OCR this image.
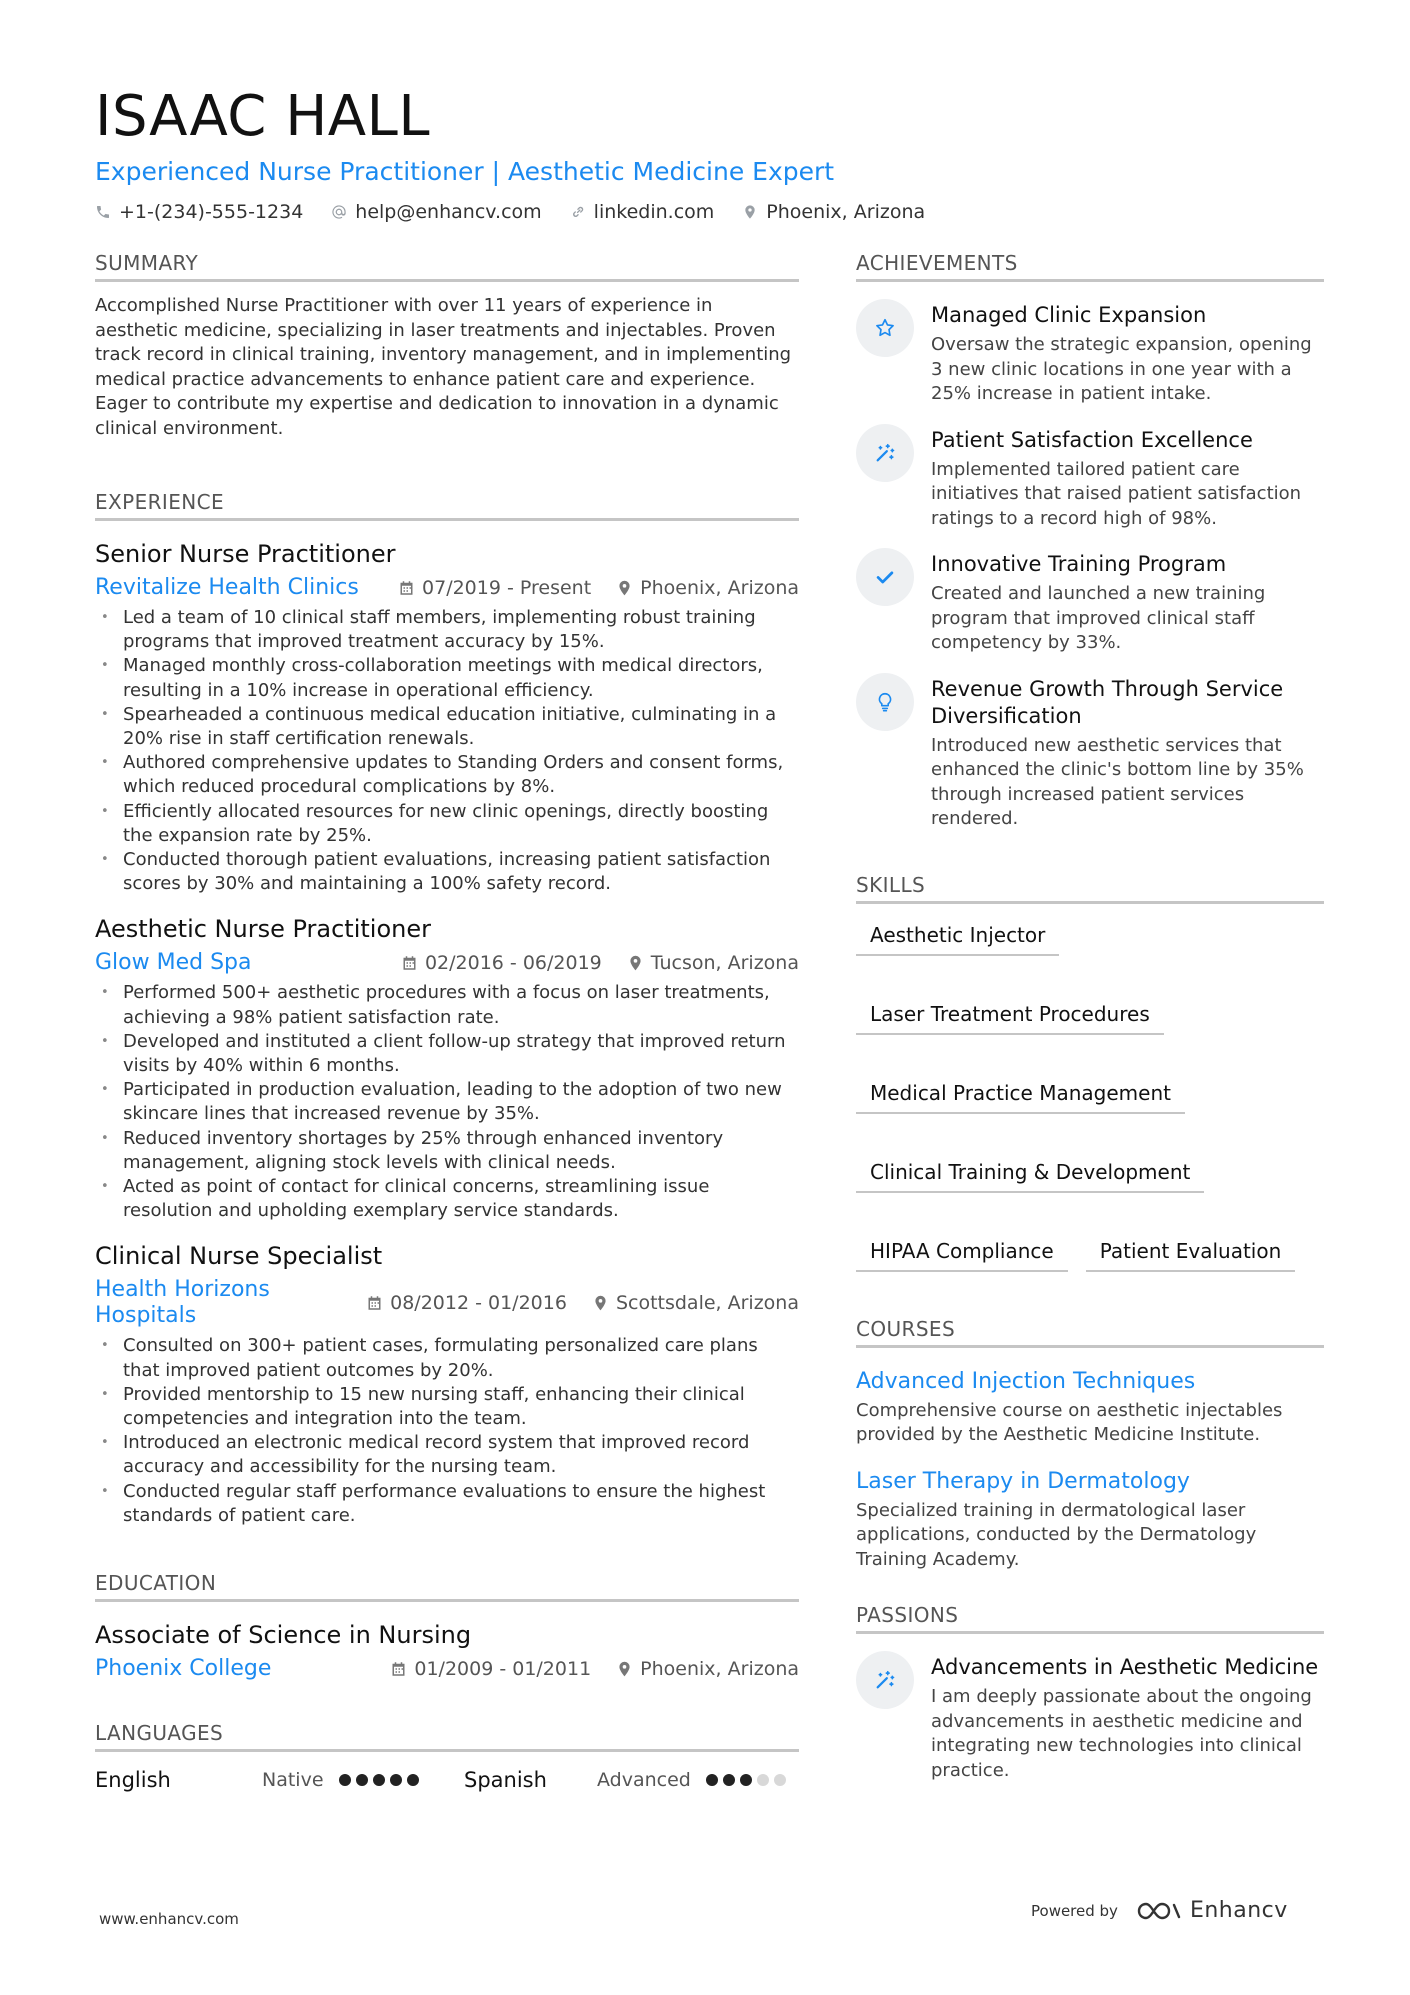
ISAAC HALL
Experienced Nurse Practitioner | Aesthetic Medicine Expert
+1-(234)-555-1234	help@enhancv.com	linkedin.com	Phoenix, Arizona
SUMMARY

Accomplished Nurse Practitioner with over 11 years of experience in aesthetic medicine, specializing in laser treatments and injectables. Proven track record in clinical training, inventory management, and in implementing medical practice advancements to enhance patient care and experience. Eager to contribute my expertise and dedication to innovation in a dynamic clinical environment.

EXPERIENCE
Senior Nurse Practitioner
Revitalize Health Clinics	07/2019 - Present	Phoenix, Arizona
• Led a team of 10 clinical staff members, implementing robust training programs that improved treatment accuracy by 15%.
• Managed monthly cross-collaboration meetings with medical directors, resulting in a 10% increase in operational efficiency.
• Spearheaded a continuous medical education initiative, culminating in a 20% rise in staff certification renewals.
• Authored comprehensive updates to Standing Orders and consent forms, which reduced procedural complications by 8%.
• Efficiently allocated resources for new clinic openings, directly boosting the expansion rate by 25%.
• Conducted thorough patient evaluations, increasing patient satisfaction scores by 30% and maintaining a 100% safety record.
Aesthetic Nurse Practitioner
Glow Med Spa	02/2016 - 06/2019	Tucson, Arizona
• Performed 500+ aesthetic procedures with a focus on laser treatments, achieving a 98% patient satisfaction rate.
• Developed and instituted a client follow-up strategy that improved return visits by 40% within 6 months.
• Participated in production evaluation, leading to the adoption of two new skincare lines that increased revenue by 35%.
• Reduced inventory shortages by 25% through enhanced inventory management, aligning stock levels with clinical needs.
• Acted as point of contact for clinical concerns, streamlining issue resolution and upholding exemplary service standards.
Clinical Nurse Specialist
Health Horizons Hospitals	08/2012 - 01/2016	Scottsdale, Arizona
• Consulted on 300+ patient cases, formulating personalized care plans that improved patient outcomes by 20%.
• Provided mentorship to 15 new nursing staff, enhancing their clinical competencies and integration into the team.
• Introduced an electronic medical record system that improved record accuracy and accessibility for the nursing team.
• Conducted regular staff performance evaluations to ensure the highest standards of patient care.
EDUCATION
Associate of Science in Nursing
Phoenix College	01/2009 - 01/2011	Phoenix, Arizona
LANGUAGES
English	Native	Spanish	Advanced
ACHIEVEMENTS
Managed Clinic Expansion
Oversaw the strategic expansion, opening 3 new clinic locations in one year with a 25% increase in patient intake.
Patient Satisfaction Excellence
Implemented tailored patient care initiatives that raised patient satisfaction ratings to a record high of 98%.
Innovative Training Program
Created and launched a new training program that improved clinical staff competency by 33%.
Revenue Growth Through Service Diversification
Introduced new aesthetic services that enhanced the clinic's bottom line by 35% through increased patient services rendered.
SKILLS
Aesthetic Injector
Laser Treatment Procedures
Medical Practice Management
Clinical Training & Development
HIPAA Compliance	Patient Evaluation
COURSES
Advanced Injection Techniques
Comprehensive course on aesthetic injectables provided by the Aesthetic Medicine Institute.
Laser Therapy in Dermatology
Specialized training in dermatological laser applications, conducted by the Dermatology Training Academy.
PASSIONS
Advancements in Aesthetic Medicine
I am deeply passionate about the ongoing advancements in aesthetic medicine and integrating new technologies into clinical practice.
www.enhancv.com	Powered by	Enhancv
